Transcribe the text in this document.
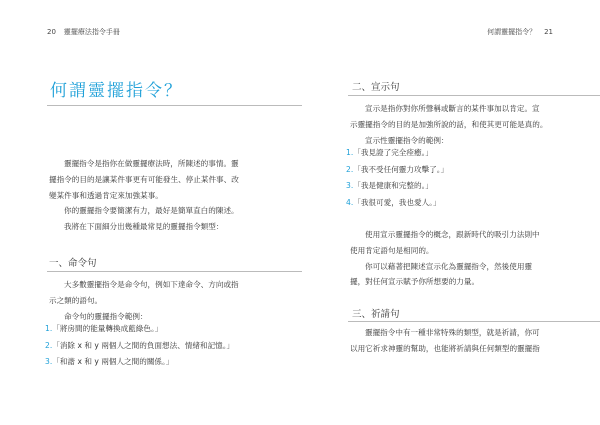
20 靈擺療法指令手冊
何謂靈擺指令？
靈擺指令是指你在做靈擺療法時，所陳述的事情。靈
擺指令的目的是讓某件事更有可能發生、停止某件事、改
變某件事和透過肯定來加強某事。
你的靈擺指令要簡潔有力，最好是簡單直白的陳述。
我將在下面細分出幾種最常見的靈擺指令類型：
一、命令句
大多數靈擺指令是命令句，例如下達命令、方向或指
示之類的語句。
命令句的靈擺指令範例：
1.「將房間的能量轉換成藍綠色。」
2.「消除 x 和 y 兩個人之間的負面想法、情緒和記憶。」
3.「和諧 x 和 y 兩個人之間的關係。」
何謂靈擺指令？ 21
二、宣示句
宣示是指你對你所聲稱或斷言的某件事加以肯定。宣
示靈擺指令的目的是加強所說的話，和使其更可能是真的。
宣示性靈擺指令的範例：
1.「我見證了完全痊癒。」
2.「我不受任何靈力攻擊了。」
3.「我是健康和完整的。」
4.「我很可愛，我也愛人。」
使用宣示靈擺指令的概念，跟新時代的吸引力法則中
使用肯定語句是相同的。
你可以藉著把陳述宣示化為靈擺指令，然後使用靈
擺，對任何宣示賦予你所想要的力量。
三、祈請句
靈擺指令中有一種非常特殊的類型，就是祈請，你可
以用它祈求神靈的幫助，也能將祈請與任何類型的靈擺指
